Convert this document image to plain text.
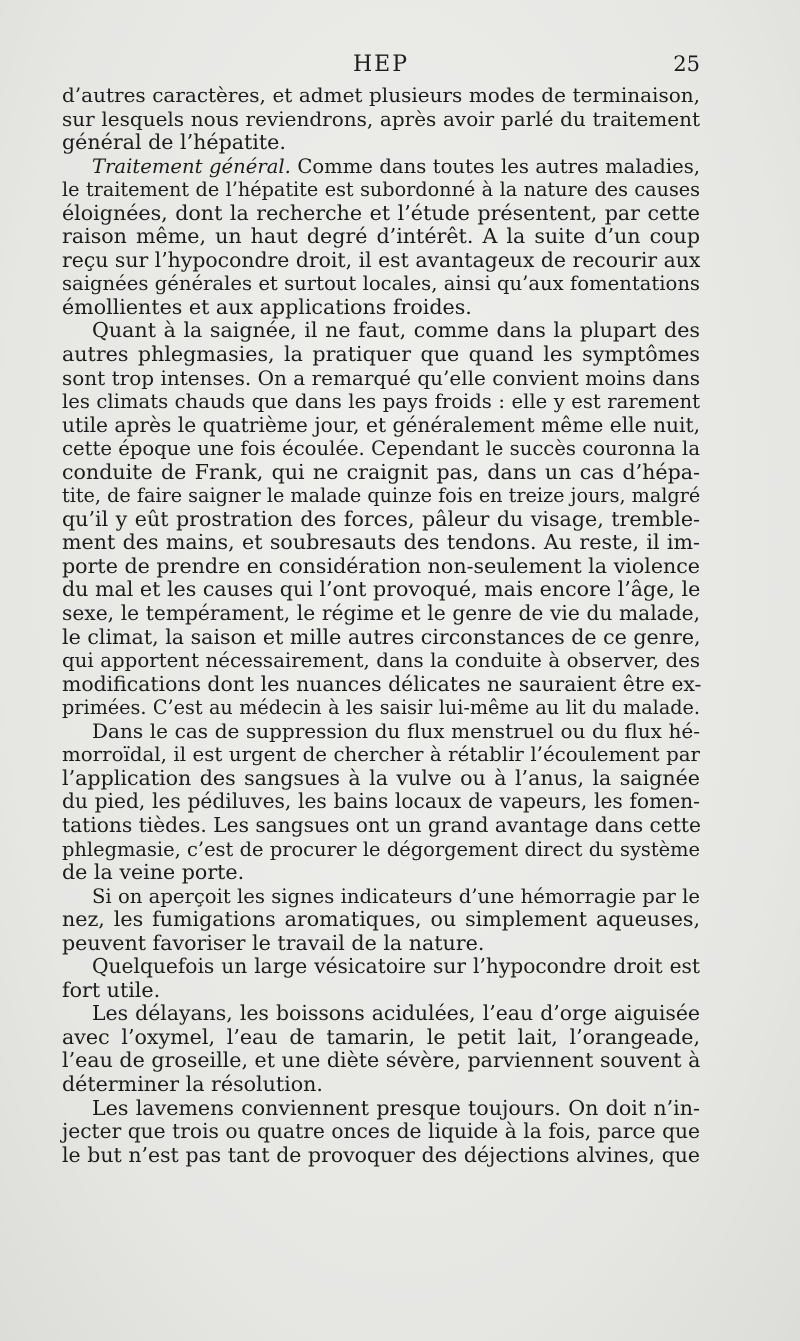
HEP	25
d’autres caractères, et admet plusieurs modes de terminaison,
sur lesquels nous reviendrons, après avoir parlé du traitement
général de l’hépatite.
Traitement général. Comme dans toutes les autres maladies,
le traitement de l’hépatite est subordonné à la nature des causes
éloignées, dont la recherche et l’étude présentent, par cette
raison même, un haut degré d’intérêt. A la suite d’un coup
reçu sur l’hypocondre droit, il est avantageux de recourir aux
saignées générales et surtout locales, ainsi qu’aux fomentations
émollientes et aux applications froides.
Quant à la saignée, il ne faut, comme dans la plupart des
autres phlegmasies, la pratiquer que quand les symptômes
sont trop intenses. On a remarqué qu’elle convient moins dans
les climats chauds que dans les pays froids : elle y est rarement
utile après le quatrième jour, et généralement même elle nuit,
cette époque une fois écoulée. Cependant le succès couronna la
conduite de Frank, qui ne craignit pas, dans un cas d’hépa-
tite, de faire saigner le malade quinze fois en treize jours, malgré
qu’il y eût prostration des forces, pâleur du visage, tremble-
ment des mains, et soubresauts des tendons. Au reste, il im-
porte de prendre en considération non-seulement la violence
du mal et les causes qui l’ont provoqué, mais encore l’âge, le
sexe, le tempérament, le régime et le genre de vie du malade,
le climat, la saison et mille autres circonstances de ce genre,
qui apportent nécessairement, dans la conduite à observer, des
modifications dont les nuances délicates ne sauraient être ex-
primées. C’est au médecin à les saisir lui-même au lit du malade.
Dans le cas de suppression du flux menstruel ou du flux hé-
morroïdal, il est urgent de chercher à rétablir l’écoulement par
l’application des sangsues à la vulve ou à l’anus, la saignée
du pied, les pédiluves, les bains locaux de vapeurs, les fomen-
tations tièdes. Les sangsues ont un grand avantage dans cette
phlegmasie, c’est de procurer le dégorgement direct du système
de la veine porte.
Si on aperçoit les signes indicateurs d’une hémorragie par le
nez, les fumigations aromatiques, ou simplement aqueuses,
peuvent favoriser le travail de la nature.
Quelquefois un large vésicatoire sur l’hypocondre droit est
fort utile.
Les délayans, les boissons acidulées, l’eau d’orge aiguisée
avec l’oxymel, l’eau de tamarin, le petit lait, l’orangeade,
l’eau de groseille, et une diète sévère, parviennent souvent à
déterminer la résolution.
Les lavemens conviennent presque toujours. On doit n’in-
jecter que trois ou quatre onces de liquide à la fois, parce que
le but n’est pas tant de provoquer des déjections alvines, que
